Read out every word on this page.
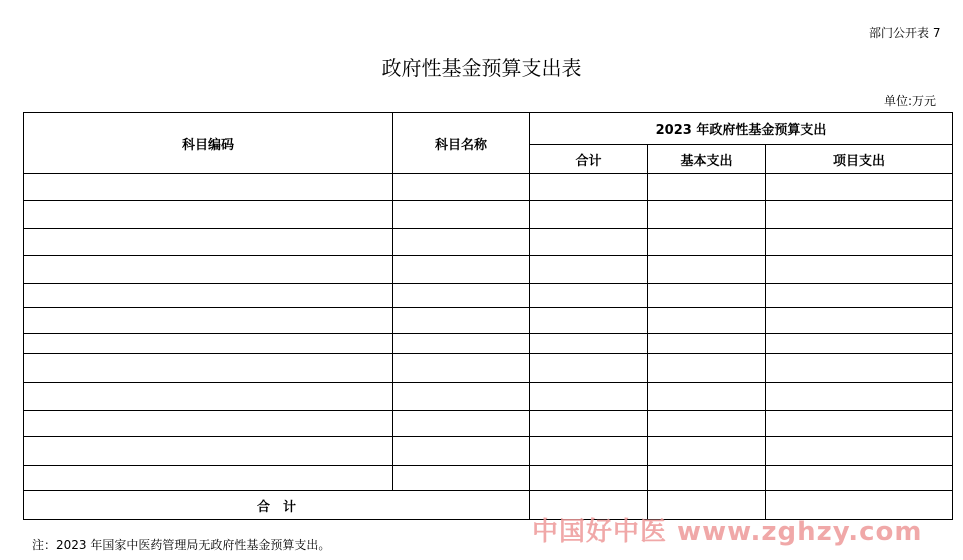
部门公开表 7
政府性基金预算支出表
单位:万元
科目编码	科目名称	2023 年政府性基金预算支出		
		合计	基本支出	项目支出

合　计				
注：2023 年国家中医药管理局无政府性基金预算支出。	中国好中医 www.zghzy.com
